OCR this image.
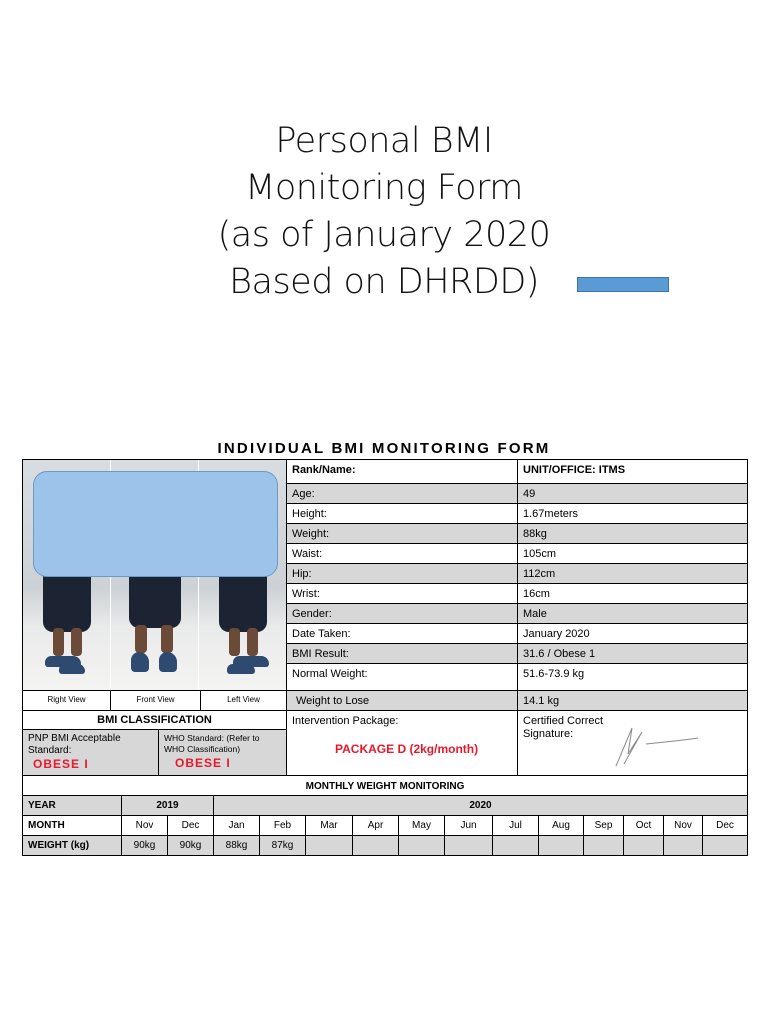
Personal BMI
Monitoring Form
(as of January 2020
Based on DHRDD)
INDIVIDUAL BMI MONITORING FORM
Right View	Front View	Left View
BMI CLASSIFICATION
PNP BMI Acceptable
Standard:
OBESE I
WHO Standard: (Refer to
WHO Classification)
OBESE I
Rank/Name:	UNIT/OFFICE: ITMS
Age:	49
Height:	1.67meters
Weight:	88kg
Waist:	105cm
Hip:	112cm
Wrist:	16cm
Gender:	Male
Date Taken:	January 2020
BMI Result:	31.6 / Obese 1
Normal Weight:	51.6-73.9 kg
Weight to Lose	14.1 kg
Intervention Package:
PACKAGE D (2kg/month)
Certified Correct
Signature:
MONTHLY WEIGHT MONITORING
YEAR	2019	2020
MONTH	Nov	Dec	Jan	Feb	Mar	Apr	May	Jun	Jul	Aug	Sep	Oct	Nov	Dec
WEIGHT (kg)	90kg	90kg	88kg	87kg
